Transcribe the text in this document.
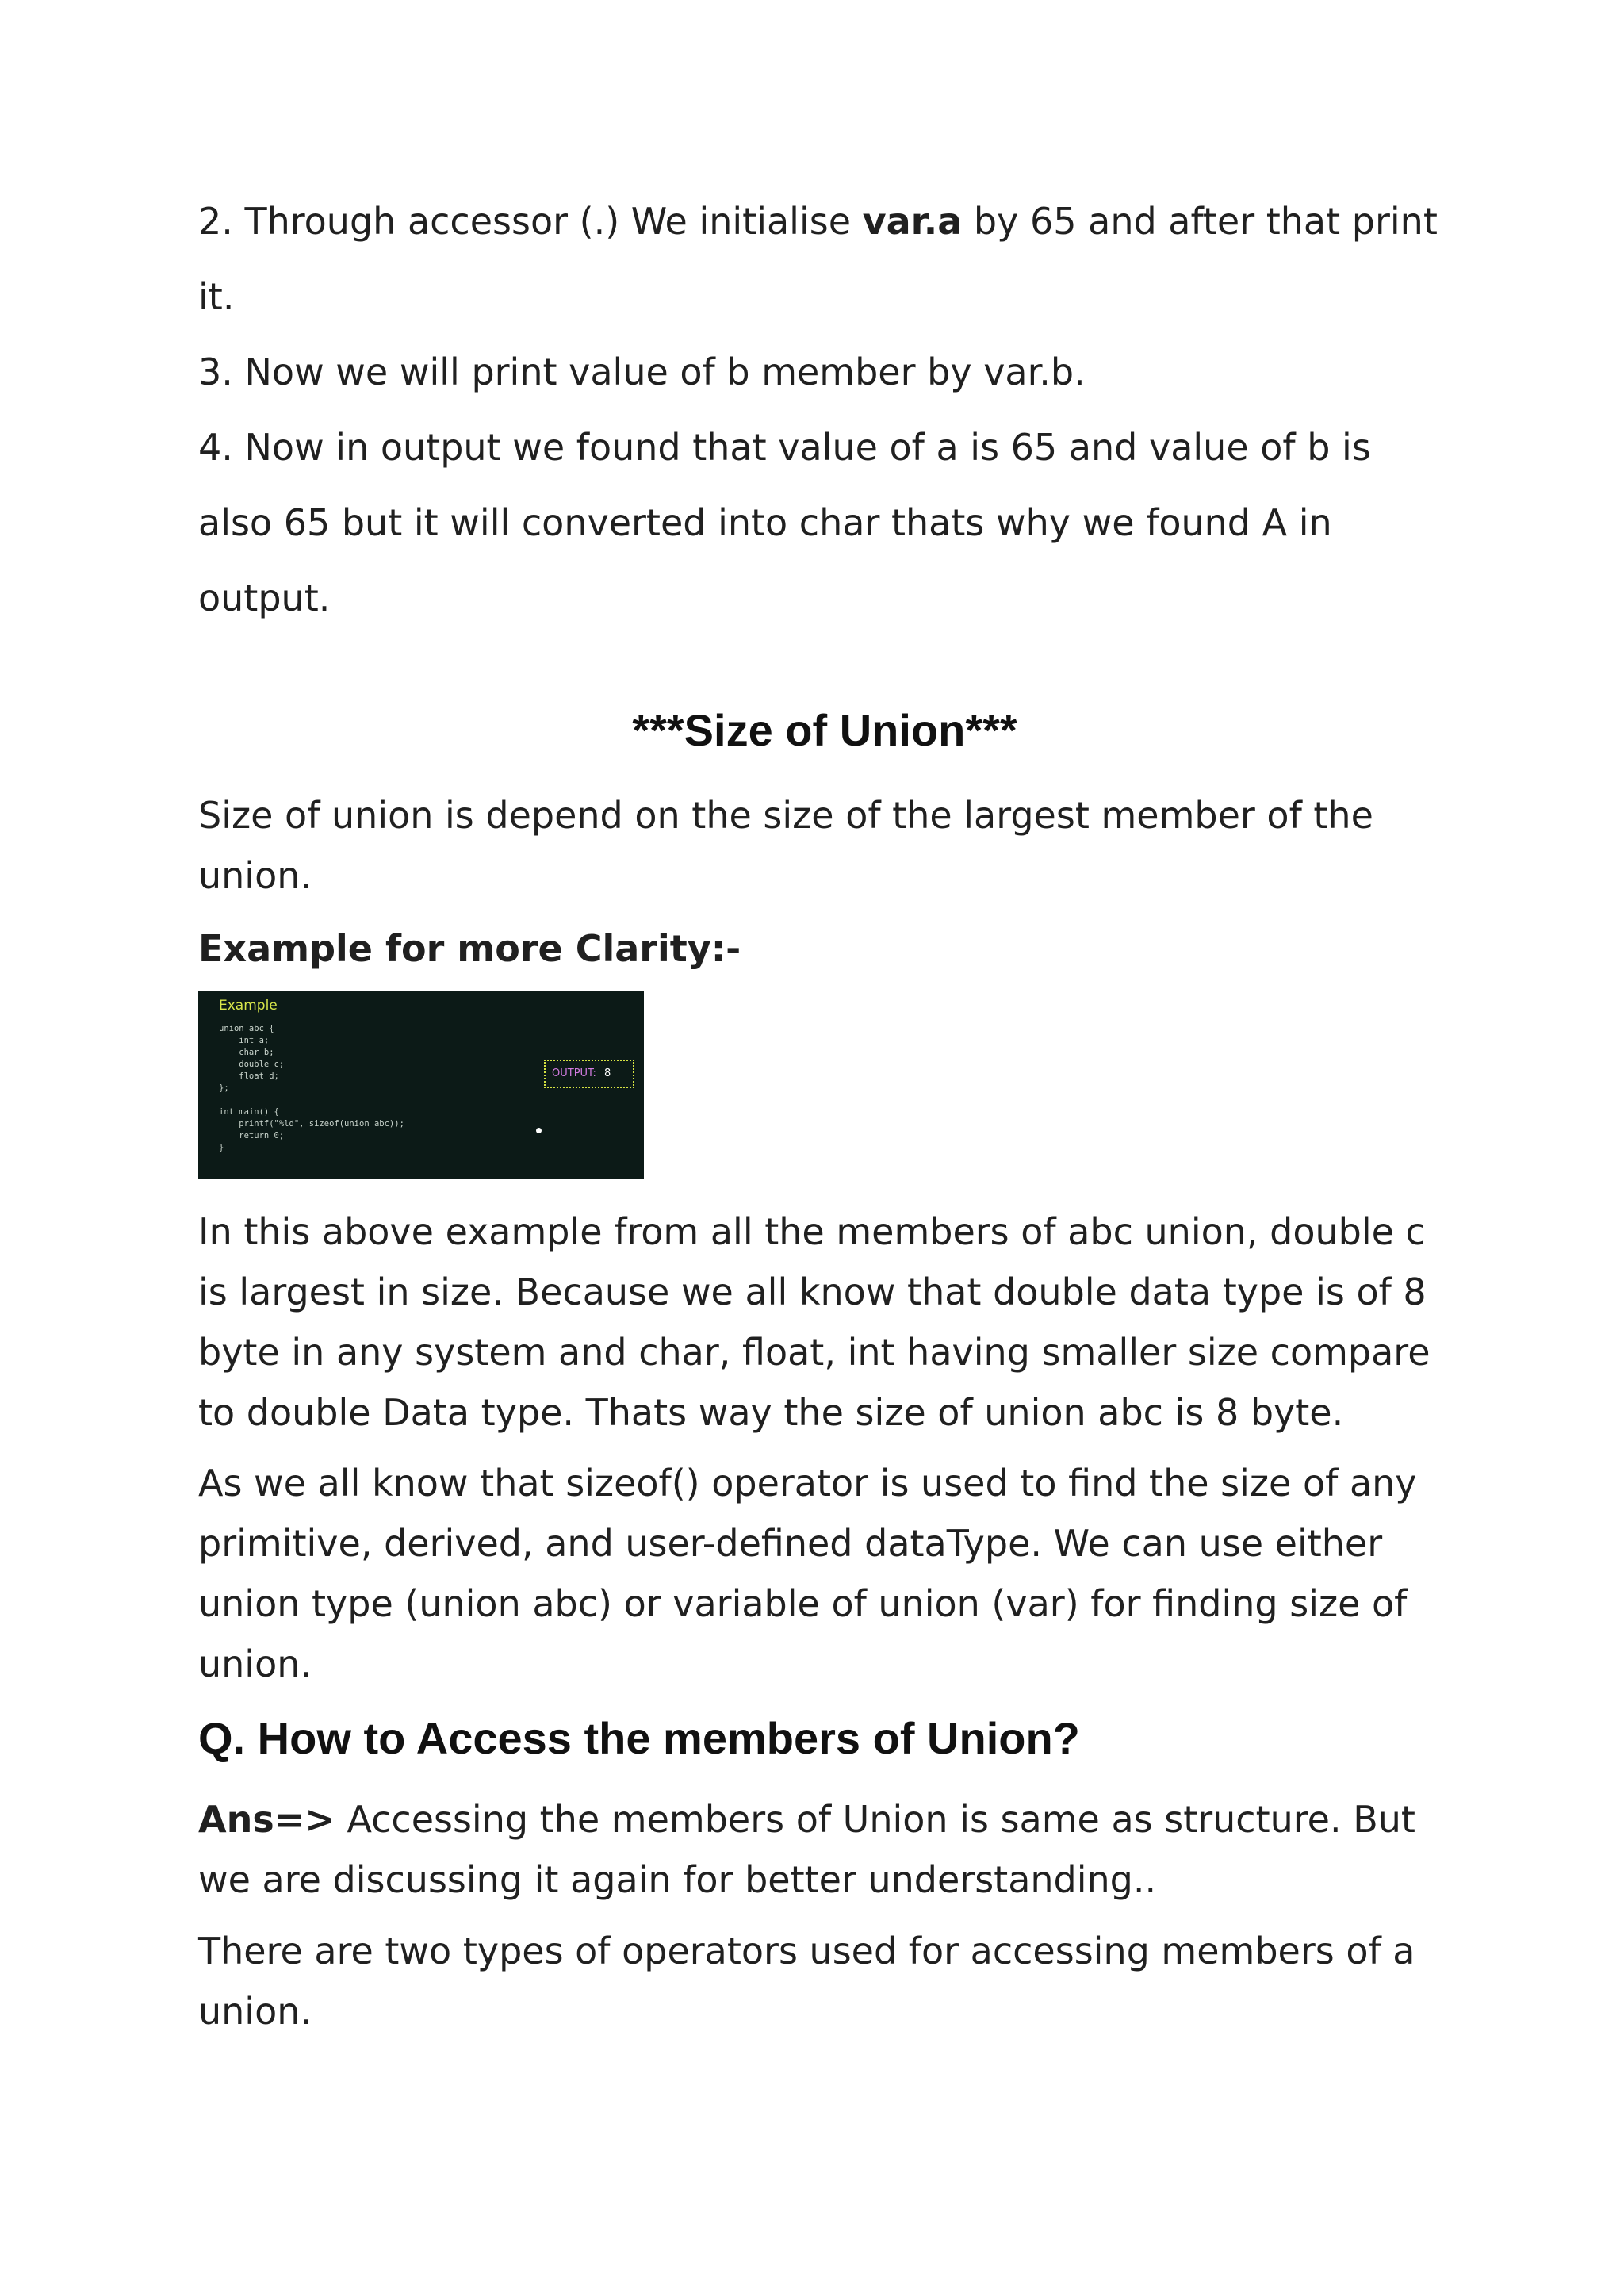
2. Through accessor (.) We initialise var.a by 65 and after that print

it.

3. Now we will print value of b member by var.b.

4. Now in output we found that value of a is 65 and value of b is

also 65 but it will converted into char thats why we found A in

output.

***Size of Union***

Size of union is depend on the size of the largest member of the

union.

Example for more Clarity:-

Example
union abc {
int a;
char b;
double c;
float d;
};

int main() {
printf("%ld", sizeof(union abc));
return 0;
}
OUTPUT: 8

In this above example from all the members of abc union, double c

is largest in size. Because we all know that double data type is of 8

byte in any system and char, float, int having smaller size compare

to double Data type. Thats way the size of union abc is 8 byte.

As we all know that sizeof() operator is used to find the size of any

primitive, derived, and user-defined dataType. We can use either

union type (union abc) or variable of union (var) for finding size of

union.

Q. How to Access the members of Union?

Ans=> Accessing the members of Union is same as structure. But

we are discussing it again for better understanding..

There are two types of operators used for accessing members of a

union.
